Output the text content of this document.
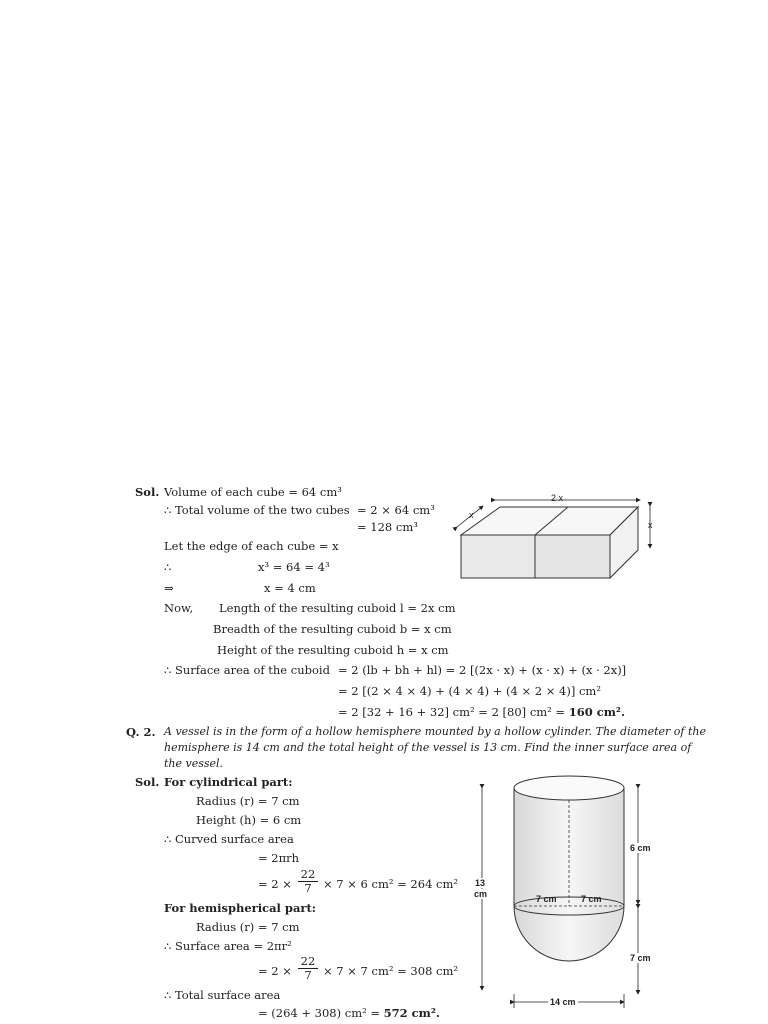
Sol. Volume of each cube = 64 cm³
∴ Total volume of the two cubes = 2 × 64 cm³
= 128 cm³
Let the edge of each cube = x
∴	x³ = 64 = 4³
⇒	x = 4 cm
Now, Length of the resulting cuboid l = 2x cm
Breadth of the resulting cuboid b = x cm
Height of the resulting cuboid h = x cm
∴ Surface area of the cuboid = 2 (lb + bh + hl) = 2 [(2x · x) + (x · x) + (x · 2x)]
= 2 [(2 × 4 × 4) + (4 × 4) + (4 × 2 × 4)] cm²
= 2 [32 + 16 + 32] cm² = 2 [80] cm² = 160 cm².
2 x
x
x
Q. 2. A vessel is in the form of a hollow hemisphere mounted by a hollow cylinder. The diameter of the
hemisphere is 14 cm and the total height of the vessel is 13 cm. Find the inner surface area of
the vessel.
Sol. For cylindrical part:
Radius (r) = 7 cm
Height (h) = 6 cm
∴ Curved surface area
= 2πrh
= $2 \times \frac{22}{7} \times 7 \times 6$ cm² = 264 cm²
For hemispherical part:
Radius (r) = 7 cm
∴ Surface area = 2πr²
= $2 \times \frac{22}{7} \times 7 \times 7$ cm² = 308 cm²
∴ Total surface area
= (264 + 308) cm² = 572 cm².
13
cm
6 cm
7 cm
7 cm	7 cm
14 cm
